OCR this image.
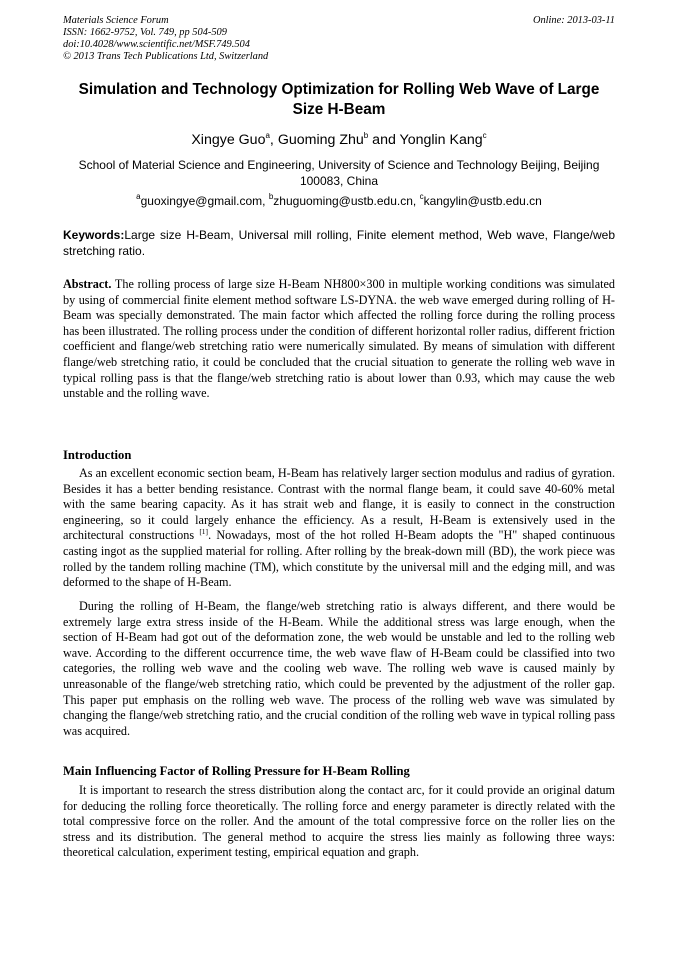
Materials Science Forum
ISSN: 1662-9752, Vol. 749, pp 504-509
doi:10.4028/www.scientific.net/MSF.749.504
© 2013 Trans Tech Publications Ltd, Switzerland
Online: 2013-03-11
Simulation and Technology Optimization for Rolling Web Wave of Large Size H-Beam
Xingye Guo$^a$, Guoming Zhu$^b$ and Yonglin Kang$^c$
School of Material Science and Engineering, University of Science and Technology Beijing, Beijing 100083, China
$^a$guoxingye@gmail.com, $^b$zhuguoming@ustb.edu.cn, $^c$kangylin@ustb.edu.cn
Keywords:Large size H-Beam, Universal mill rolling, Finite element method, Web wave, Flange/web stretching ratio.

Abstract. The rolling process of large size H-Beam NH800×300 in multiple working conditions was simulated by using of commercial finite element method software LS-DYNA. the web wave emerged during rolling of H-Beam was specially demonstrated. The main factor which affected the rolling force during the rolling process has been illustrated. The rolling process under the condition of different horizontal roller radius, different friction coefficient and flange/web stretching ratio were numerically simulated. By means of simulation with different flange/web stretching ratio, it could be concluded that the crucial situation to generate the rolling web wave in typical rolling pass is that the flange/web stretching ratio is about lower than 0.93, which may cause the web unstable and the rolling wave.

Introduction

As an excellent economic section beam, H-Beam has relatively larger section modulus and radius of gyration. Besides it has a better bending resistance. Contrast with the normal flange beam, it could save 40-60% metal with the same bearing capacity. As it has strait web and flange, it is easily to connect in the construction engineering, so it could largely enhance the efficiency. As a result, H-Beam is extensively used in the architectural constructions [1]. Nowadays, most of the hot rolled H-Beam adopts the "H" shaped continuous casting ingot as the supplied material for rolling. After rolling by the break-down mill (BD), the work piece was rolled by the tandem rolling machine (TM), which constitute by the universal mill and the edging mill, and was deformed to the shape of H-Beam.

During the rolling of H-Beam, the flange/web stretching ratio is always different, and there would be extremely large extra stress inside of the H-Beam. While the additional stress was large enough, when the section of H-Beam had got out of the deformation zone, the web would be unstable and led to the rolling web wave. According to the different occurrence time, the web wave flaw of H-Beam could be classified into two categories, the rolling web wave and the cooling web wave. The rolling web wave is caused mainly by unreasonable of the flange/web stretching ratio, which could be prevented by the adjustment of the roller gap. This paper put emphasis on the rolling web wave. The process of the rolling web wave was simulated by changing the flange/web stretching ratio, and the crucial condition of the rolling web wave in typical rolling pass was acquired.

Main Influencing Factor of Rolling Pressure for H-Beam Rolling

It is important to research the stress distribution along the contact arc, for it could provide an original datum for deducing the rolling force theoretically. The rolling force and energy parameter is directly related with the total compressive force on the roller. And the amount of the total compressive force on the roller lies on the stress and its distribution. The general method to acquire the stress lies mainly as following three ways: theoretical calculation, experiment testing, empirical equation and graph.
